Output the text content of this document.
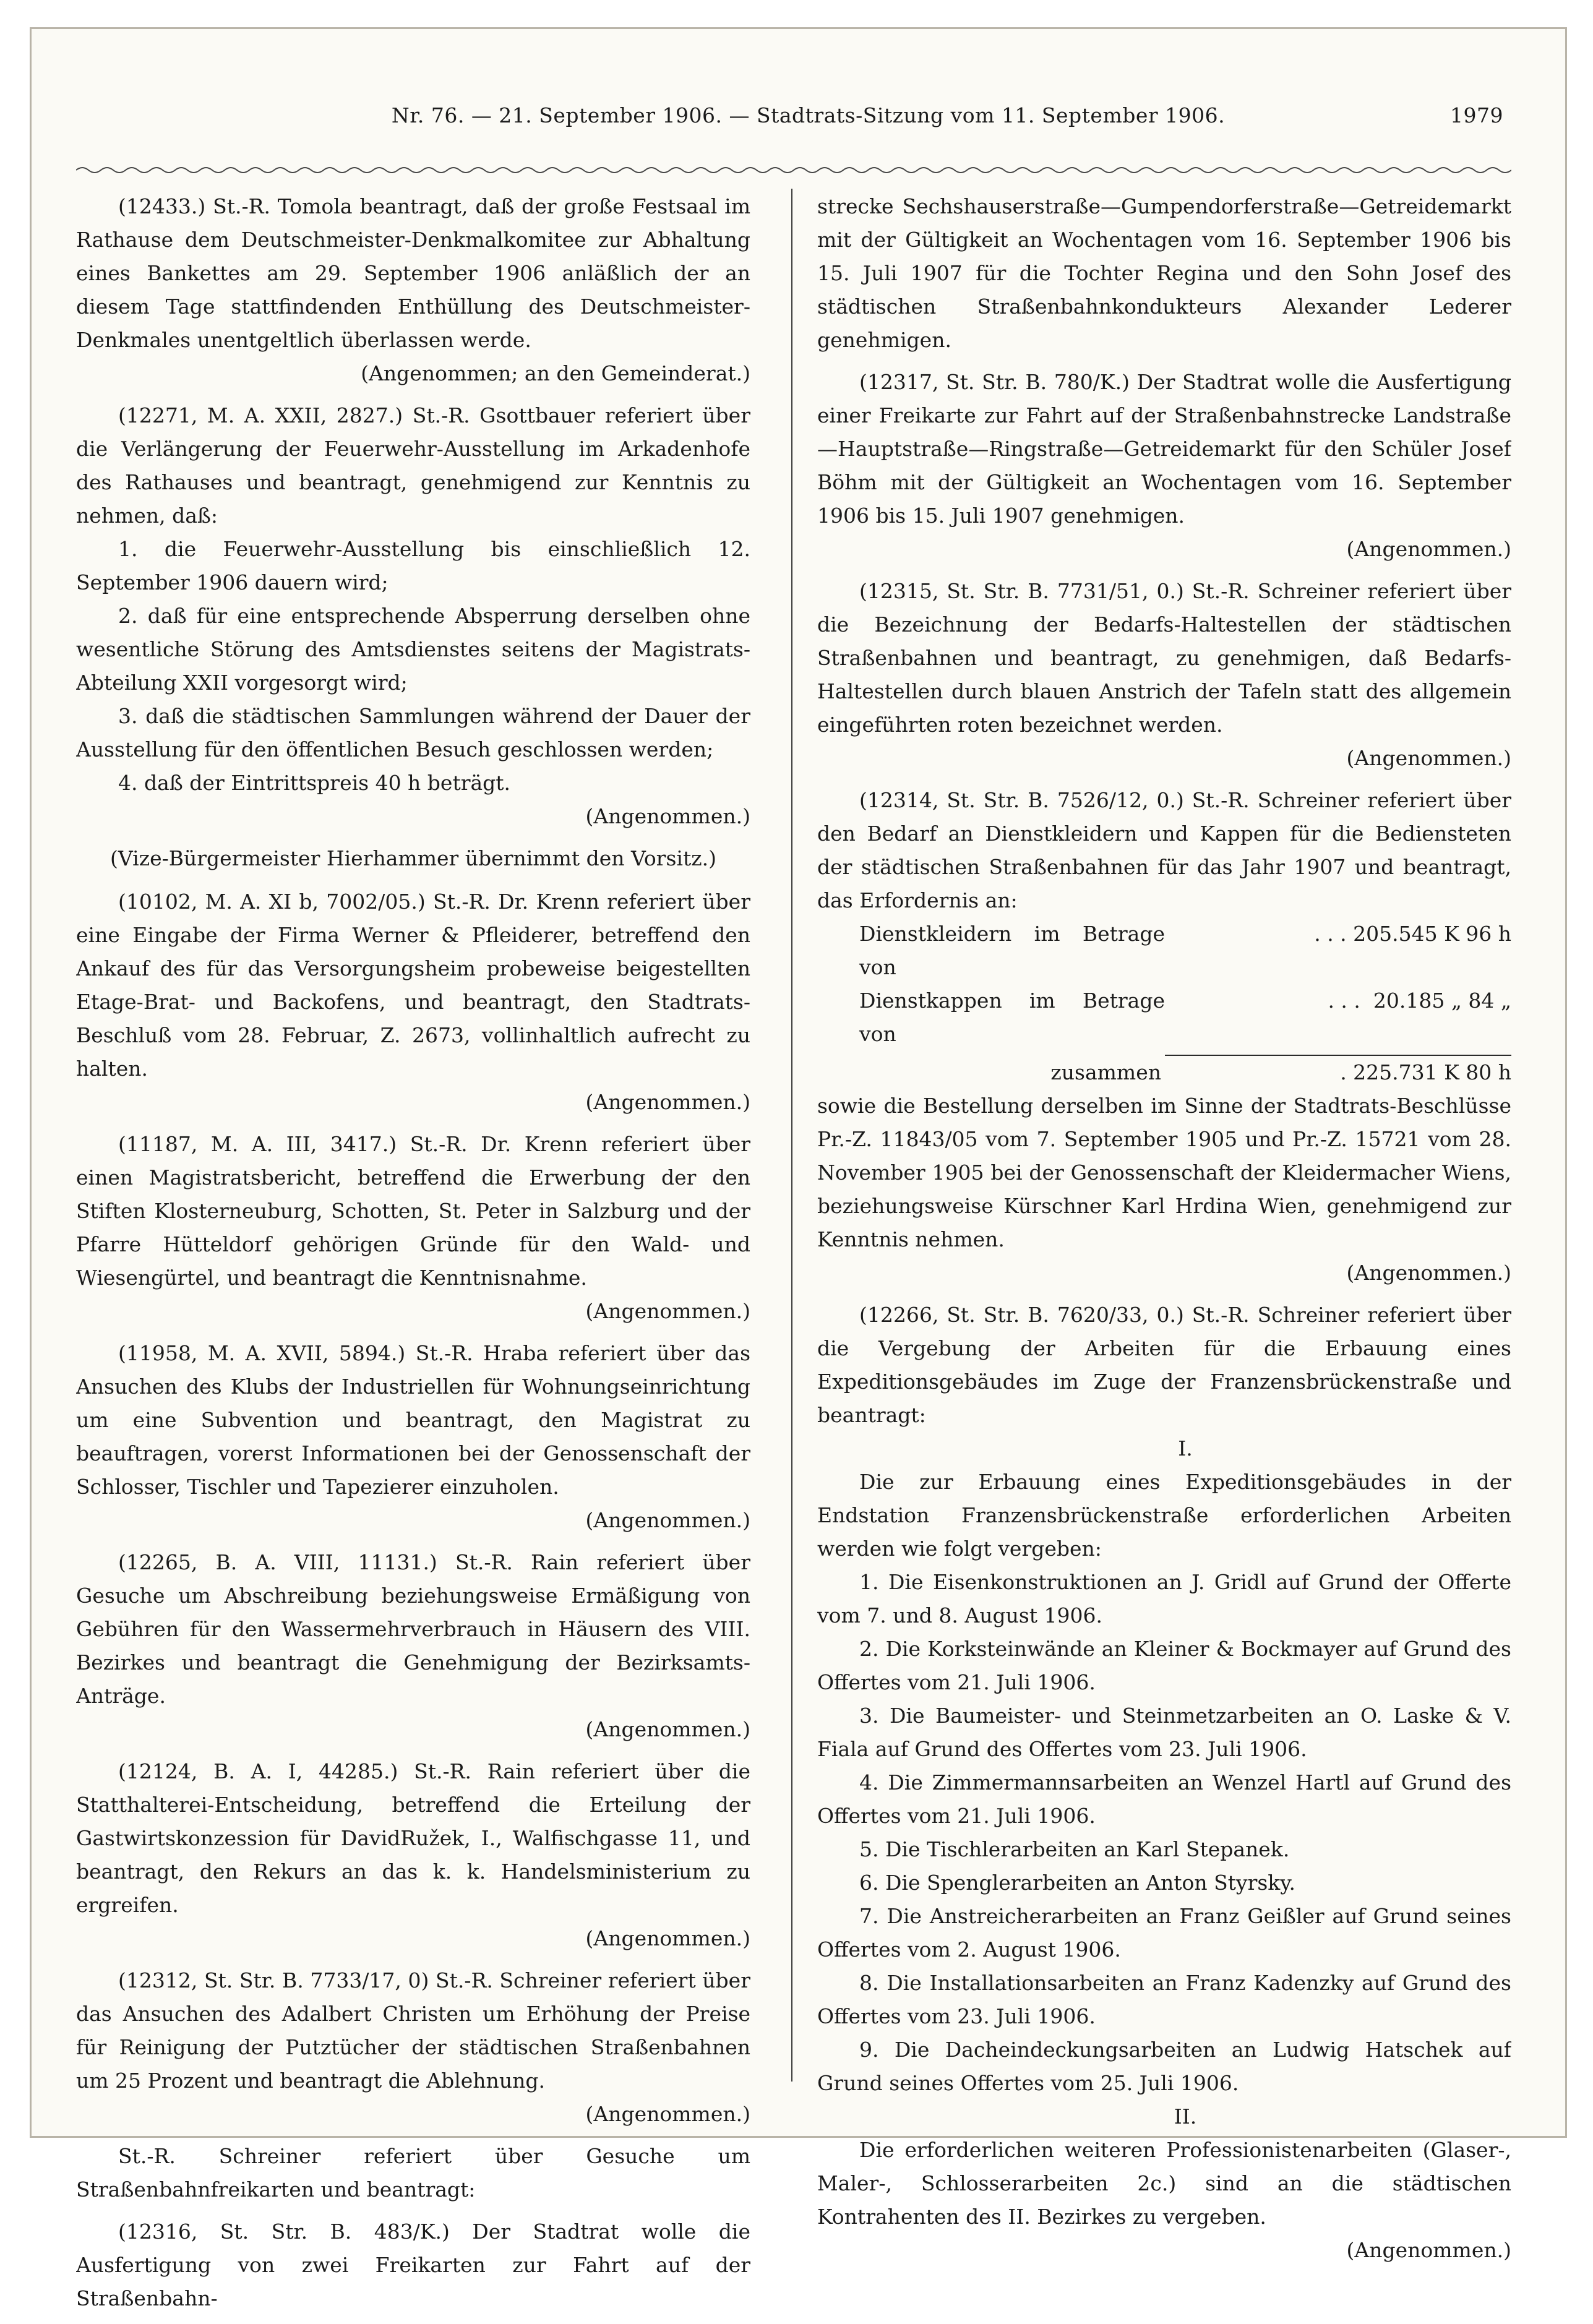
Nr. 76. — 21. September 1906. — Stadtrats-Sitzung vom 11. September 1906.	1979

(12433.) St.-R. Tomola beantragt, daß der große Festsaal im Rathause dem Deutschmeister-Denkmalkomitee zur Abhaltung eines Bankettes am 29. September 1906 anläßlich der an diesem Tage stattfindenden Enthüllung des Deutschmeister-Denkmales unentgeltlich überlassen werde.

(Angenommen; an den Gemeinderat.)

(12271, M. A. XXII, 2827.) St.-R. Gsottbauer referiert über die Verlängerung der Feuerwehr-Ausstellung im Arkadenhofe des Rathauses und beantragt, genehmigend zur Kenntnis zu nehmen, daß:

1. die Feuerwehr-Ausstellung bis einschließlich 12. September 1906 dauern wird;

2. daß für eine entsprechende Absperrung derselben ohne wesentliche Störung des Amtsdienstes seitens der Magistrats-Abteilung XXII vorgesorgt wird;

3. daß die städtischen Sammlungen während der Dauer der Ausstellung für den öffentlichen Besuch geschlossen werden;

4. daß der Eintrittspreis 40 h beträgt.

(Angenommen.)

(Vize-Bürgermeister Hierhammer übernimmt den Vorsitz.)

(10102, M. A. XI b, 7002/05.) St.-R. Dr. Krenn referiert über eine Eingabe der Firma Werner & Pfleiderer, betreffend den Ankauf des für das Versorgungsheim probeweise beigestellten Etage-Brat- und Backofens, und beantragt, den Stadtrats-Beschluß vom 28. Februar, Z. 2673, vollinhaltlich aufrecht zu halten.

(Angenommen.)

(11187, M. A. III, 3417.) St.-R. Dr. Krenn referiert über einen Magistratsbericht, betreffend die Erwerbung der den Stiften Klosterneuburg, Schotten, St. Peter in Salzburg und der Pfarre Hütteldorf gehörigen Gründe für den Wald- und Wiesengürtel, und beantragt die Kenntnisnahme.

(Angenommen.)

(11958, M. A. XVII, 5894.) St.-R. Hraba referiert über das Ansuchen des Klubs der Industriellen für Wohnungseinrichtung um eine Subvention und beantragt, den Magistrat zu beauftragen, vorerst Informationen bei der Genossenschaft der Schlosser, Tischler und Tapezierer einzuholen.

(Angenommen.)

(12265, B. A. VIII, 11131.) St.-R. Rain referiert über Gesuche um Abschreibung beziehungsweise Ermäßigung von Gebühren für den Wassermehrverbrauch in Häusern des VIII. Bezirkes und beantragt die Genehmigung der Bezirksamts-Anträge.

(Angenommen.)

(12124, B. A. I, 44285.) St.-R. Rain referiert über die Statthalterei-Entscheidung, betreffend die Erteilung der Gastwirtskonzession für DavidRužek, I., Walfischgasse 11, und beantragt, den Rekurs an das k. k. Handelsministerium zu ergreifen.

(Angenommen.)

(12312, St. Str. B. 7733/17, 0) St.-R. Schreiner referiert über das Ansuchen des Adalbert Christen um Erhöhung der Preise für Reinigung der Putztücher der städtischen Straßenbahnen um 25 Prozent und beantragt die Ablehnung.

(Angenommen.)

St.-R. Schreiner referiert über Gesuche um Straßenbahnfreikarten und beantragt:

(12316, St. Str. B. 483/K.) Der Stadtrat wolle die Ausfertigung von zwei Freikarten zur Fahrt auf der Straßenbahn-

strecke Sechshauserstraße—Gumpendorferstraße—Getreidemarkt mit der Gültigkeit an Wochentagen vom 16. September 1906 bis 15. Juli 1907 für die Tochter Regina und den Sohn Josef des städtischen Straßenbahnkondukteurs Alexander Lederer genehmigen.

(12317, St. Str. B. 780/K.) Der Stadtrat wolle die Ausfertigung einer Freikarte zur Fahrt auf der Straßenbahnstrecke Landstraße—Hauptstraße—Ringstraße—Getreidemarkt für den Schüler Josef Böhm mit der Gültigkeit an Wochentagen vom 16. September 1906 bis 15. Juli 1907 genehmigen.

(Angenommen.)

(12315, St. Str. B. 7731/51, 0.) St.-R. Schreiner referiert über die Bezeichnung der Bedarfs-Haltestellen der städtischen Straßenbahnen und beantragt, zu genehmigen, daß Bedarfs-Haltestellen durch blauen Anstrich der Tafeln statt des allgemein eingeführten roten bezeichnet werden.

(Angenommen.)

(12314, St. Str. B. 7526/12, 0.) St.-R. Schreiner referiert über den Bedarf an Dienstkleidern und Kappen für die Bediensteten der städtischen Straßenbahnen für das Jahr 1907 und beantragt, das Erfordernis an:

Dienstkleidern im Betrage von
. . . 205.545 K 96 h
Dienstkappen im Betrage von
. . .  20.185 „ 84 „
zusammen	. 225.731 K 80 h

sowie die Bestellung derselben im Sinne der Stadtrats-Beschlüsse Pr.-Z. 11843/05 vom 7. September 1905 und Pr.-Z. 15721 vom 28. November 1905 bei der Genossenschaft der Kleidermacher Wiens, beziehungsweise Kürschner Karl Hrdina Wien, genehmigend zur Kenntnis nehmen.

(Angenommen.)

(12266, St. Str. B. 7620/33, 0.) St.-R. Schreiner referiert über die Vergebung der Arbeiten für die Erbauung eines Expeditionsgebäudes im Zuge der Franzensbrückenstraße und beantragt:

I.

Die zur Erbauung eines Expeditionsgebäudes in der Endstation Franzensbrückenstraße erforderlichen Arbeiten werden wie folgt vergeben:

1. Die Eisenkonstruktionen an J. Gridl auf Grund der Offerte vom 7. und 8. August 1906.

2. Die Korksteinwände an Kleiner & Bockmayer auf Grund des Offertes vom 21. Juli 1906.

3. Die Baumeister- und Steinmetzarbeiten an O. Laske & V. Fiala auf Grund des Offertes vom 23. Juli 1906.

4. Die Zimmermannsarbeiten an Wenzel Hartl auf Grund des Offertes vom 21. Juli 1906.

5. Die Tischlerarbeiten an Karl Stepanek.

6. Die Spenglerarbeiten an Anton Styrsky.

7. Die Anstreicherarbeiten an Franz Geißler auf Grund seines Offertes vom 2. August 1906.

8. Die Installationsarbeiten an Franz Kadenzky auf Grund des Offertes vom 23. Juli 1906.

9. Die Dacheindeckungsarbeiten an Ludwig Hatschek auf Grund seines Offertes vom 25. Juli 1906.

II.

Die erforderlichen weiteren Professionistenarbeiten (Glaser-, Maler-, Schlosserarbeiten 2c.) sind an die städtischen Kontrahenten des II. Bezirkes zu vergeben.

(Angenommen.)
